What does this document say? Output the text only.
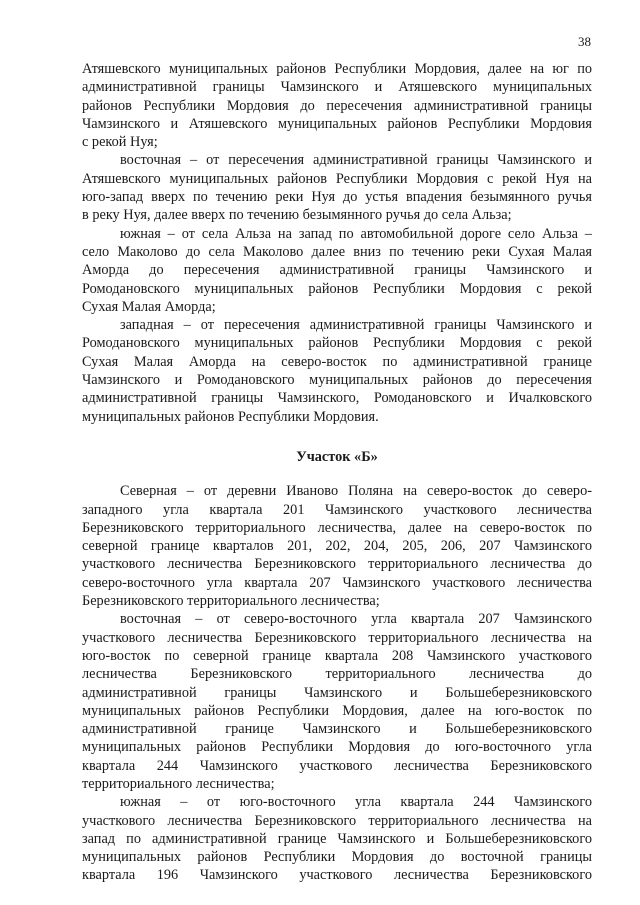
38
Атяшевского муниципальных районов Республики Мордовия, далее на юг по
административной границы Чамзинского и Атяшевского муниципальных
районов Республики Мордовия до пересечения административной границы
Чамзинского и Атяшевского муниципальных районов Республики Мордовия
с рекой Нуя;
восточная – от пересечения административной границы Чамзинского и
Атяшевского муниципальных районов Республики Мордовия с рекой Нуя на
юго-запад вверх по течению реки Нуя до устья впадения безымянного ручья
в реку Нуя, далее вверх по течению безымянного ручья до села Альза;
южная – от села Альза на запад по автомобильной дороге село Альза –
село Маколово до села Маколово далее вниз по течению реки Сухая Малая
Аморда до пересечения административной границы Чамзинского и
Ромодановского муниципальных районов Республики Мордовия с рекой
Сухая Малая Аморда;
западная – от пересечения административной границы Чамзинского и
Ромодановского муниципальных районов Республики Мордовия с рекой
Сухая Малая Аморда на северо-восток по административной границе
Чамзинского и Ромодановского муниципальных районов до пересечения
административной границы Чамзинского, Ромодановского и Ичалковского
муниципальных районов Республики Мордовия.
Участок «Б»
Северная – от деревни Иваново Поляна на северо-восток до северо-
западного угла квартала 201 Чамзинского участкового лесничества
Березниковского территориального лесничества, далее на северо-восток по
северной границе кварталов 201, 202, 204, 205, 206, 207 Чамзинского
участкового лесничества Березниковского территориального лесничества до
северо-восточного угла квартала 207 Чамзинского участкового лесничества
Березниковского территориального лесничества;
восточная – от северо-восточного угла квартала 207 Чамзинского
участкового лесничества Березниковского территориального лесничества на
юго-восток по северной границе квартала 208 Чамзинского участкового
лесничества Березниковского территориального лесничества до
административной границы Чамзинского и Большеберезниковского
муниципальных районов Республики Мордовия, далее на юго-восток по
административной границе Чамзинского и Большеберезниковского
муниципальных районов Республики Мордовия до юго-восточного угла
квартала 244 Чамзинского участкового лесничества Березниковского
территориального лесничества;
южная – от юго-восточного угла квартала 244 Чамзинского
участкового лесничества Березниковского территориального лесничества на
запад по административной границе Чамзинского и Большеберезниковского
муниципальных районов Республики Мордовия до восточной границы
квартала 196 Чамзинского участкового лесничества Березниковского
